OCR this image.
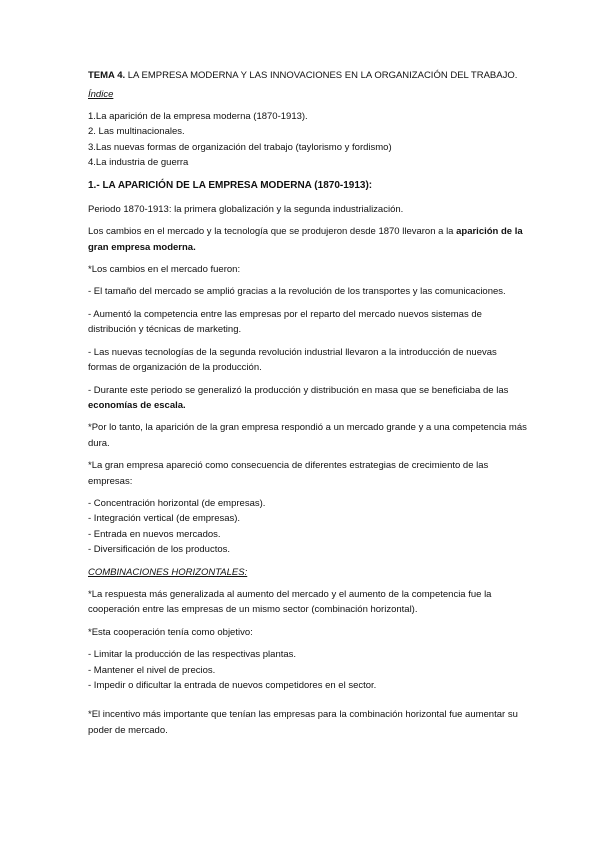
TEMA 4. LA EMPRESA MODERNA Y LAS INNOVACIONES EN LA ORGANIZACIÓN DEL TRABAJO.
Índice
1.La aparición de la empresa moderna (1870-1913).
2. Las multinacionales.
3.Las nuevas formas de organización del trabajo (taylorismo y fordismo)
4.La industria de guerra
1.- LA APARICIÓN DE LA EMPRESA MODERNA (1870-1913):

Periodo 1870-1913: la primera globalización y la segunda industrialización.

Los cambios en el mercado y la tecnología que se produjeron desde 1870 llevaron a la aparición de la gran empresa moderna.

*Los cambios en el mercado fueron:

- El tamaño del mercado se amplió gracias a la revolución de los transportes y las comunicaciones.

- Aumentó la competencia entre las empresas por el reparto del mercado nuevos sistemas de distribución y técnicas de marketing.

- Las nuevas tecnologías de la segunda revolución industrial llevaron a la introducción de nuevas formas de organización de la producción.

- Durante este periodo se generalizó la producción y distribución en masa que se beneficiaba de las economías de escala.

*Por lo tanto, la aparición de la gran empresa respondió a un mercado grande y a una competencia más dura.

*La gran empresa apareció como consecuencia de diferentes estrategias de crecimiento de las empresas:

- Concentración horizontal (de empresas).
- Integración vertical (de empresas).
- Entrada en nuevos mercados.
- Diversificación de los productos.
COMBINACIONES HORIZONTALES:

*La respuesta más generalizada al aumento del mercado y el aumento de la competencia fue la cooperación entre las empresas de un mismo sector (combinación horizontal).

*Esta cooperación tenía como objetivo:

- Limitar la producción de las respectivas plantas.
- Mantener el nivel de precios.
- Impedir o dificultar la entrada de nuevos competidores en el sector.

*El incentivo más importante que tenían las empresas para la combinación horizontal fue aumentar su poder de mercado.
